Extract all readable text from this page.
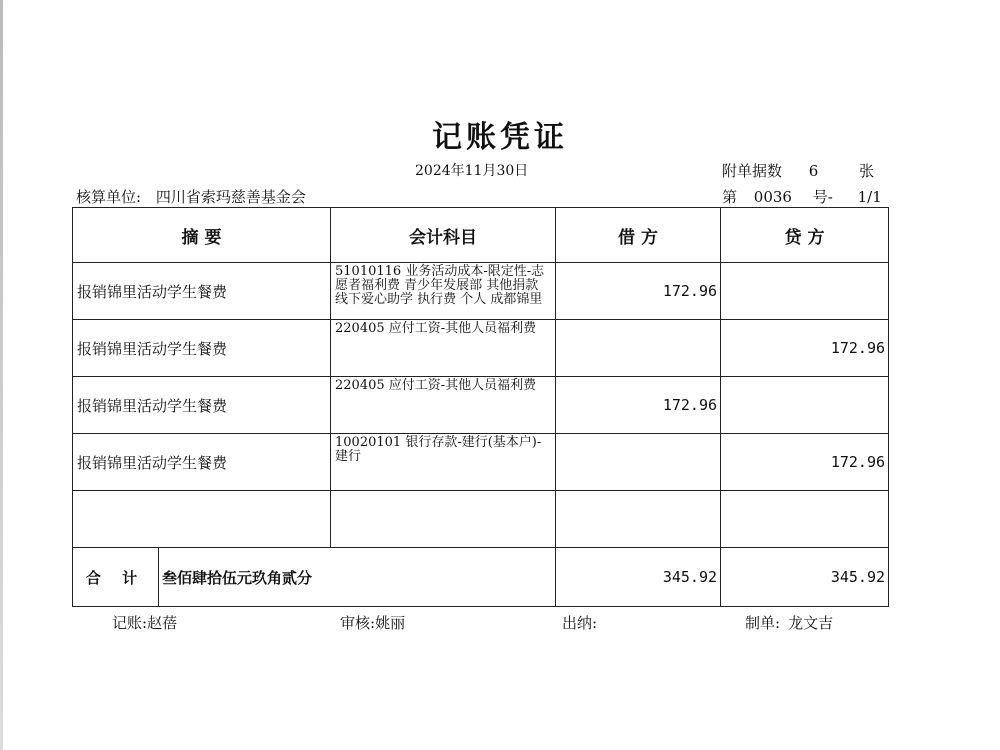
记账凭证
2024年11月30日	附单据数 6	张
核算单位: 四川省索玛慈善基金会	第 0036 号- 1/1
摘 要		会计科目	借 方	贷 方
报销锦里活动学生餐费		51010116 业务活动成本-限定性-志愿者福利费 青少年发展部 其他捐款 线下爱心助学 执行费 个人 成都锦里	172.96	
报销锦里活动学生餐费		220405 应付工资-其他人员福利费		172.96
报销锦里活动学生餐费		220405 应付工资-其他人员福利费	172.96	
报销锦里活动学生餐费		10020101 银行存款-建行(基本户)-建行		172.96

合 计	叁佰肆拾伍元玖角贰分		345.92	345.92
记账:赵蓓	审核:姚丽	出纳:	制单: 龙文吉
